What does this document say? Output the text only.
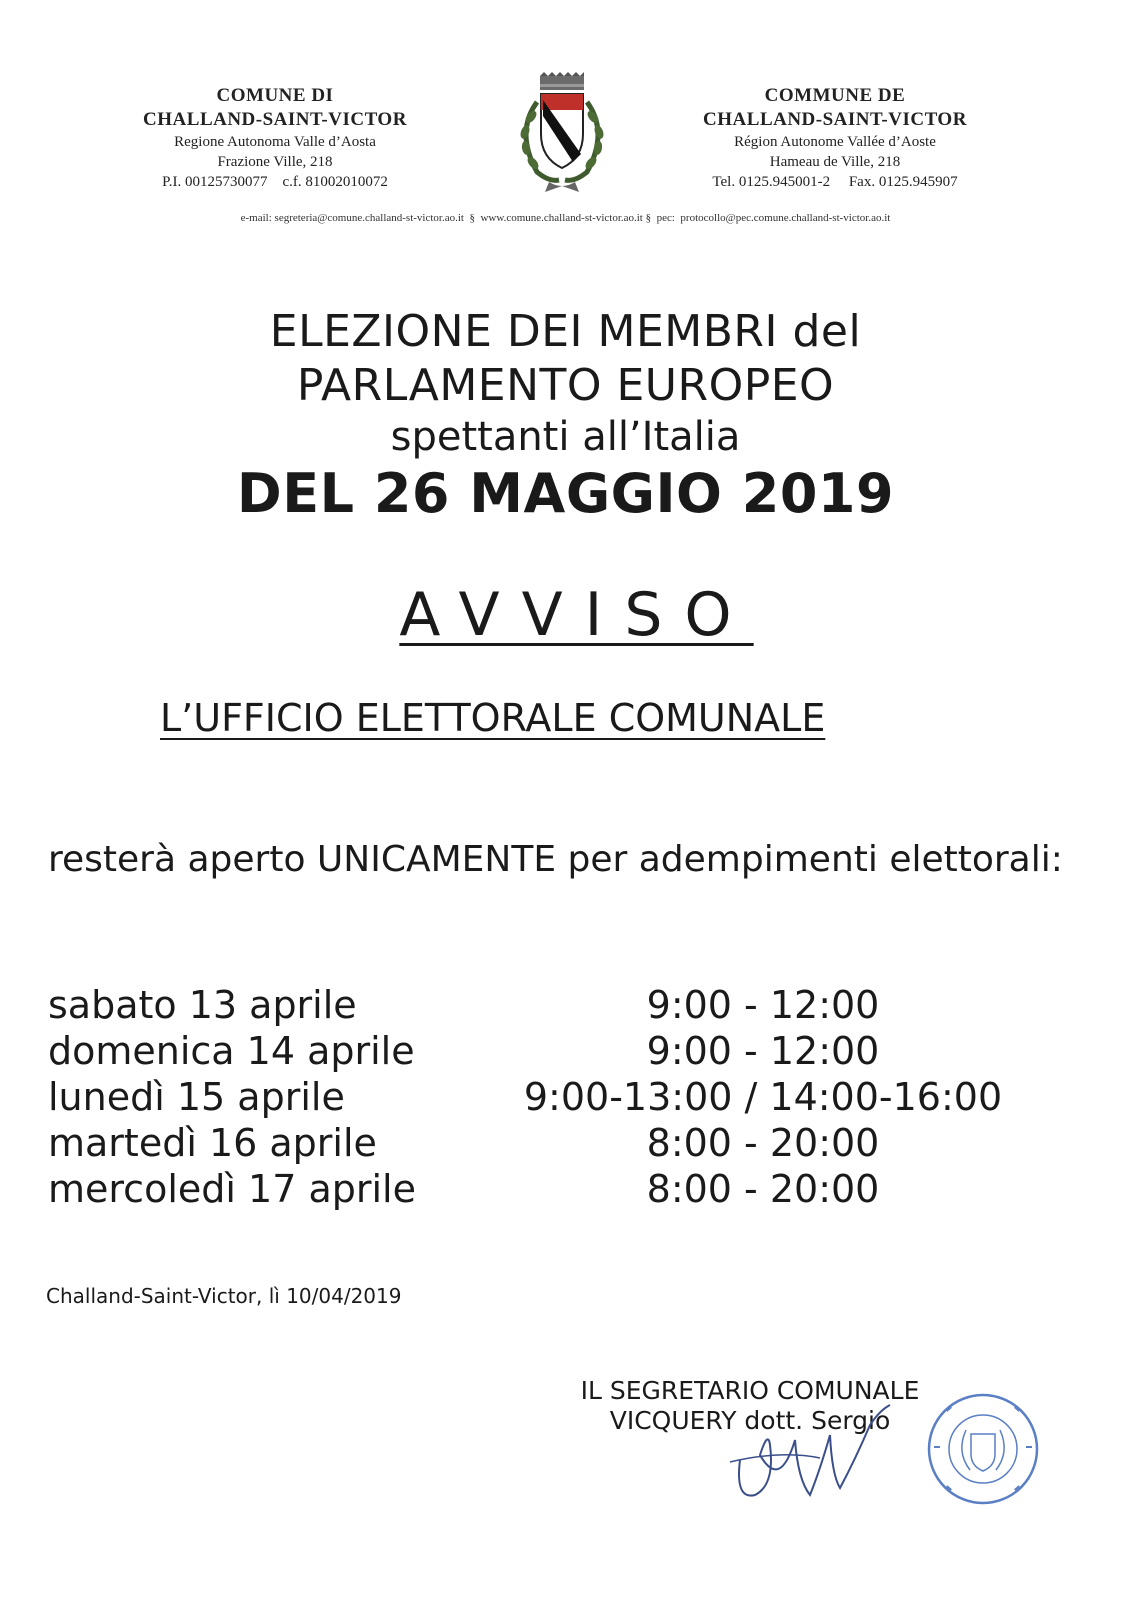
COMUNE DI
CHALLAND-SAINT-VICTOR
Regione Autonoma Valle d’Aosta
Frazione Ville, 218
P.I. 00125730077    c.f. 81002010072
COMMUNE DE
CHALLAND-SAINT-VICTOR
Région Autonome Vallée d’Aoste
Hameau de Ville, 218
Tel. 0125.945001-2     Fax. 0125.945907
e-mail: segreteria@comune.challand-st-victor.ao.it  §  www.comune.challand-st-victor.ao.it §  pec:  protocollo@pec.comune.challand-st-victor.ao.it
ELEZIONE DEI MEMBRI del
PARLAMENTO EUROPEO
spettanti all’Italia
DEL 26 MAGGIO 2019
AVVISO
L’UFFICIO ELETTORALE COMUNALE
resterà aperto UNICAMENTE per adempimenti elettorali:
sabato 13 aprile	9:00 - 12:00
domenica 14 aprile	9:00 - 12:00
lunedì 15 aprile	9:00-13:00 / 14:00-16:00
martedì 16 aprile	8:00 - 20:00
mercoledì 17 aprile	8:00 - 20:00
Challand-Saint-Victor, lì 10/04/2019
IL SEGRETARIO COMUNALE
VICQUERY dott. Sergio
